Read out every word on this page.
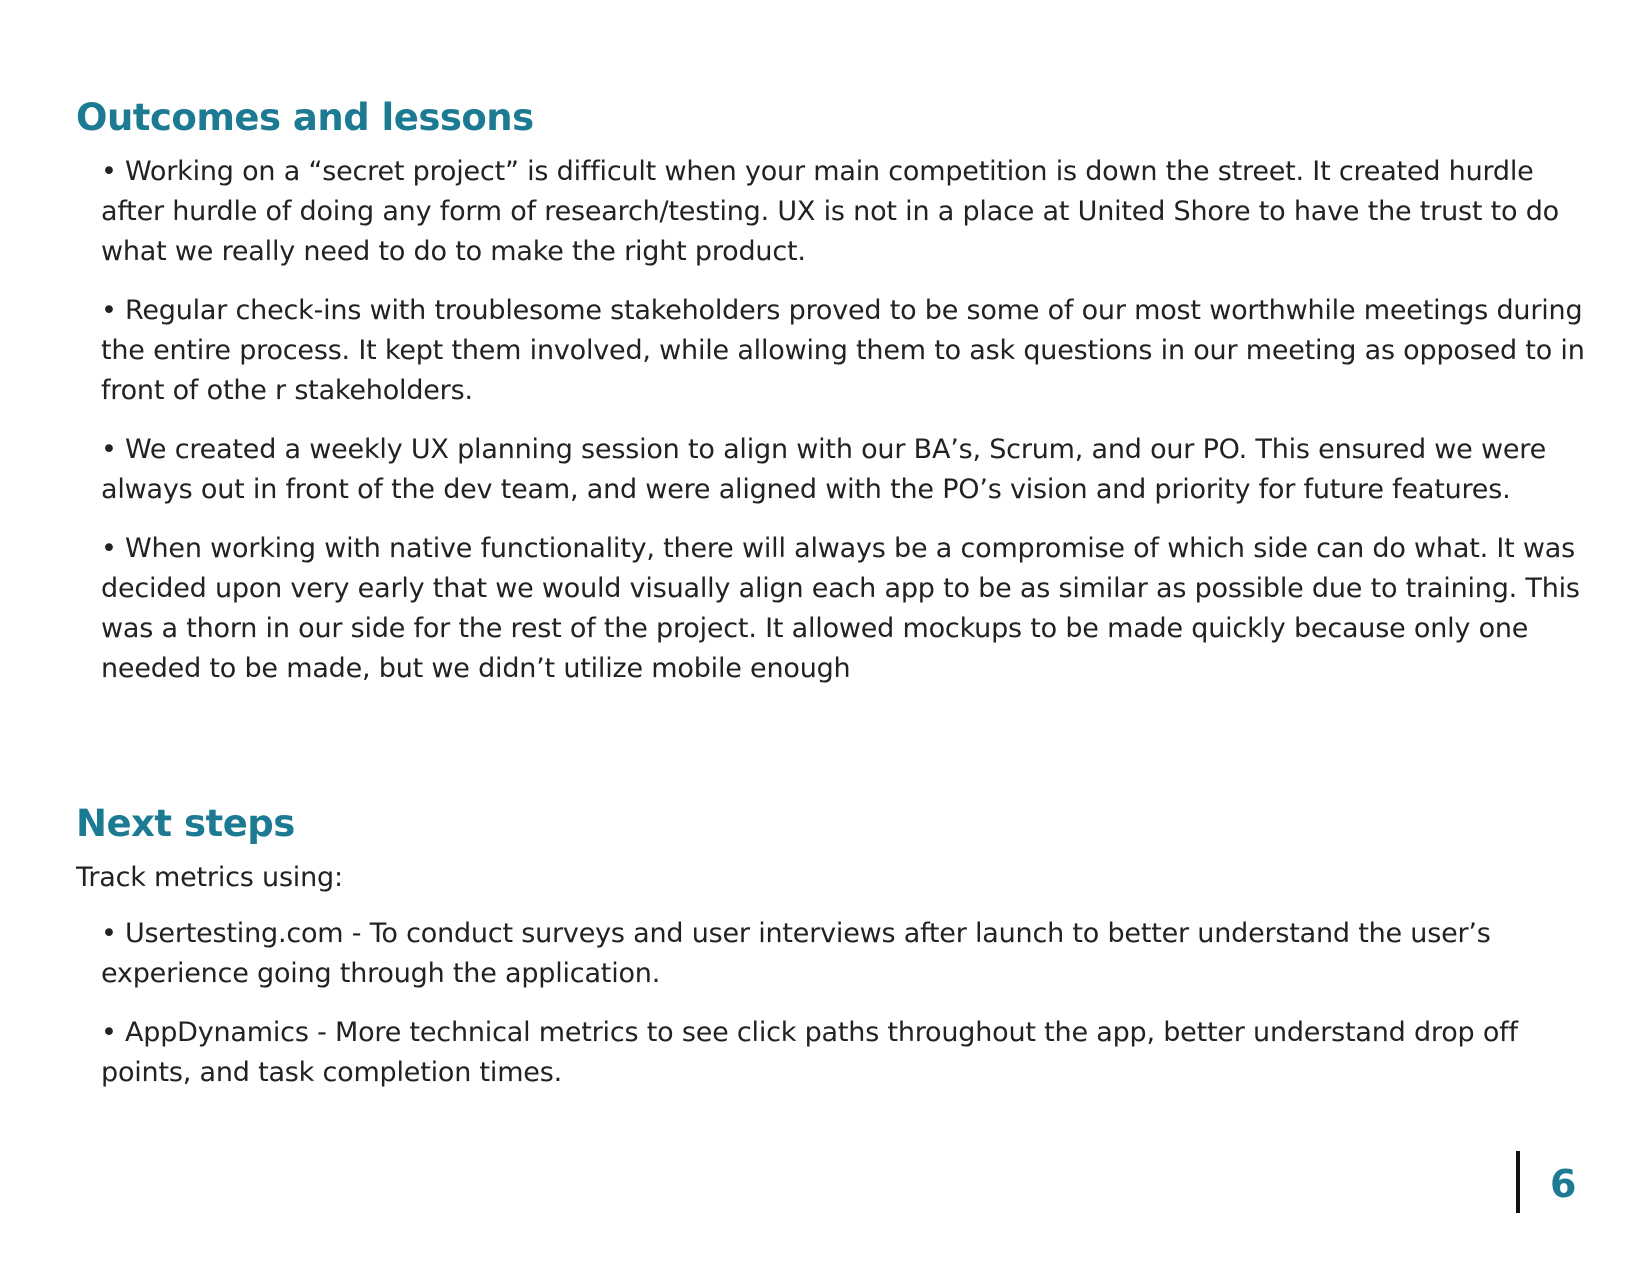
Outcomes and lessons
• Working on a “secret project” is difficult when your main competition is down the street. It created hurdle after hurdle of doing any form of research/testing. UX is not in a place at United Shore to have the trust to do what we really need to do to make the right product.
• Regular check-ins with troublesome stakeholders proved to be some of our most worthwhile meetings during the entire process. It kept them involved, while allowing them to ask questions in our meeting as opposed to in front of othe r stakeholders.
• We created a weekly UX planning session to align with our BA’s, Scrum, and our PO. This ensured we were always out in front of the dev team, and were aligned with the PO’s vision and priority for future features.
• When working with native functionality, there will always be a compromise of which side can do what. It was decided upon very early that we would visually align each app to be as similar as possible due to training. This was a thorn in our side for the rest of the project. It allowed mockups to be made quickly because only one needed to be made, but we didn’t utilize mobile enough
Next steps

Track metrics using:

• Usertesting.com - To conduct surveys and user interviews after launch to better understand the user’s experience going through the application.
• AppDynamics - More technical metrics to see click paths throughout the app, better understand drop off points, and task completion times.
6
